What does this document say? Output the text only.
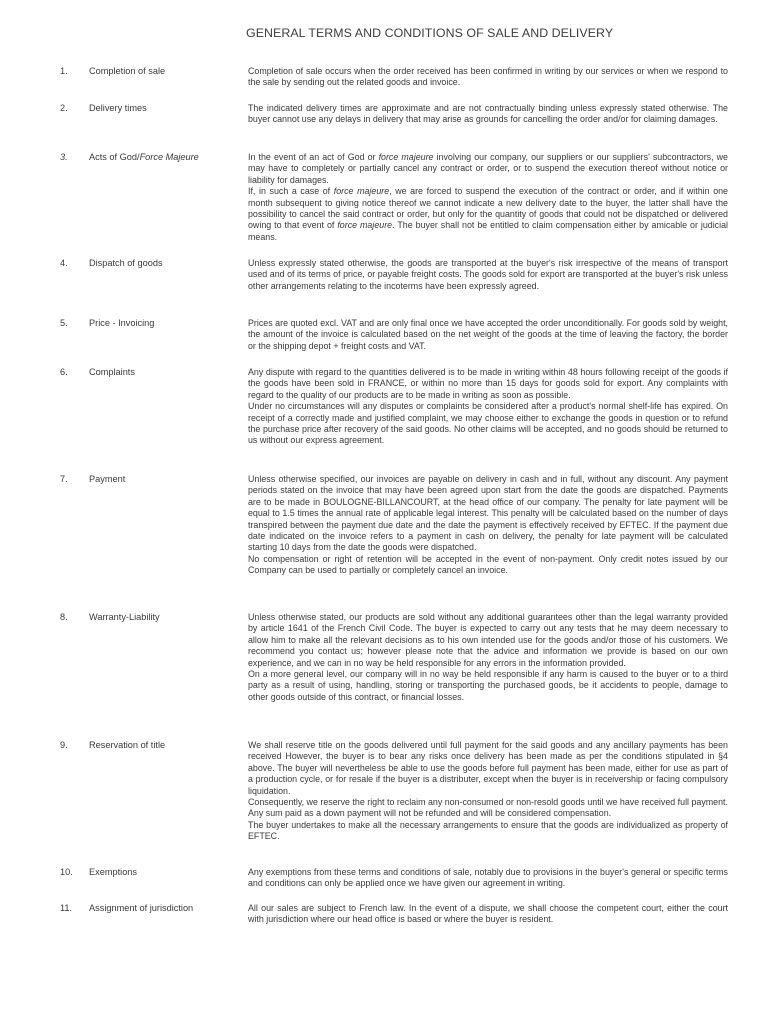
GENERAL TERMS AND CONDITIONS OF SALE AND DELIVERY
1. Completion of sale	Completion of sale occurs when the order received has been confirmed in writing by our services or when we respond to the sale by sending out the related goods and invoice.

2. Delivery times	The indicated delivery times are approximate and are not contractually binding unless expressly stated otherwise. The buyer cannot use any delays in delivery that may arise as grounds for cancelling the order and/or for claiming damages.

3. Acts of God/Force Majeure	In the event of an act of God or force majeure involving our company, our suppliers or our suppliers' subcontractors, we may have to completely or partially cancel any contract or order, or to suspend the execution thereof without notice or liability for damages.

If, in such a case of force majeure, we are forced to suspend the execution of the contract or order, and if within one month subsequent to giving notice thereof we cannot indicate a new delivery date to the buyer, the latter shall have the possibility to cancel the said contract or order, but only for the quantity of goods that could not be dispatched or delivered owing to that event of force majeure. The buyer shall not be entitled to claim compensation either by amicable or judicial means.

4. Dispatch of goods	Unless expressly stated otherwise, the goods are transported at the buyer's risk irrespective of the means of transport used and of its terms of price, or payable freight costs. The goods sold for export are transported at the buyer's risk unless other arrangements relating to the incoterms have been expressly agreed.

5. Price - Invoicing	Prices are quoted excl. VAT and are only final once we have accepted the order unconditionally. For goods sold by weight, the amount of the invoice is calculated based on the net weight of the goods at the time of leaving the factory, the border or the shipping depot + freight costs and VAT.

6. Complaints	Any dispute with regard to the quantities delivered is to be made in writing within 48 hours following receipt of the goods if the goods have been sold in FRANCE, or within no more than 15 days for goods sold for export. Any complaints with regard to the quality of our products are to be made in writing as soon as possible.

Under no circumstances will any disputes or complaints be considered after a product's normal shelf-life has expired. On receipt of a correctly made and justified complaint, we may choose either to exchange the goods in question or to refund the purchase price after recovery of the said goods. No other claims will be accepted, and no goods should be returned to us without our express agreement.

7. Payment	Unless otherwise specified, our invoices are payable on delivery in cash and in full, without any discount. Any payment periods stated on the invoice that may have been agreed upon start from the date the goods are dispatched. Payments are to be made in BOULOGNE-BILLANCOURT, at the head office of our company. The penalty for late payment will be equal to 1.5 times the annual rate of applicable legal interest. This penalty will be calculated based on the number of days transpired between the payment due date and the date the payment is effectively received by EFTEC. If the payment due date indicated on the invoice refers to a payment in cash on delivery, the penalty for late payment will be calculated starting 10 days from the date the goods were dispatched.

No compensation or right of retention will be accepted in the event of non-payment. Only credit notes issued by our Company can be used to partially or completely cancel an invoice.

8. Warranty-Liability	Unless otherwise stated, our products are sold without any additional guarantees other than the legal warranty provided by article 1641 of the French Civil Code. The buyer is expected to carry out any tests that he may deem necessary to allow him to make all the relevant decisions as to his own intended use for the goods and/or those of his customers. We recommend you contact us; however please note that the advice and information we provide is based on our own experience, and we can in no way be held responsible for any errors in the information provided.

On a more general level, our company will in no way be held responsible if any harm is caused to the buyer or to a third party as a result of using, handling, storing or transporting the purchased goods, be it accidents to people, damage to other goods outside of this contract, or financial losses.

9. Reservation of title	We shall reserve title on the goods delivered until full payment for the said goods and any ancillary payments has been received However, the buyer is to bear any risks once delivery has been made as per the conditions stipulated in §4 above. The buyer will nevertheless be able to use the goods before full payment has been made, either for use as part of a production cycle, or for resale if the buyer is a distributer, except when the buyer is in receivership or facing compulsory liquidation.

Consequently, we reserve the right to reclaim any non-consumed or non-resold goods until we have received full payment. Any sum paid as a down payment will not be refunded and will be considered compensation.

The buyer undertakes to make all the necessary arrangements to ensure that the goods are individualized as property of EFTEC.

10. Exemptions	Any exemptions from these terms and conditions of sale, notably due to provisions in the buyer's general or specific terms and conditions can only be applied once we have given our agreement in writing.

11. Assignment of jurisdiction	All our sales are subject to French law. In the event of a dispute, we shall choose the competent court, either the court with jurisdiction where our head office is based or where the buyer is resident.
